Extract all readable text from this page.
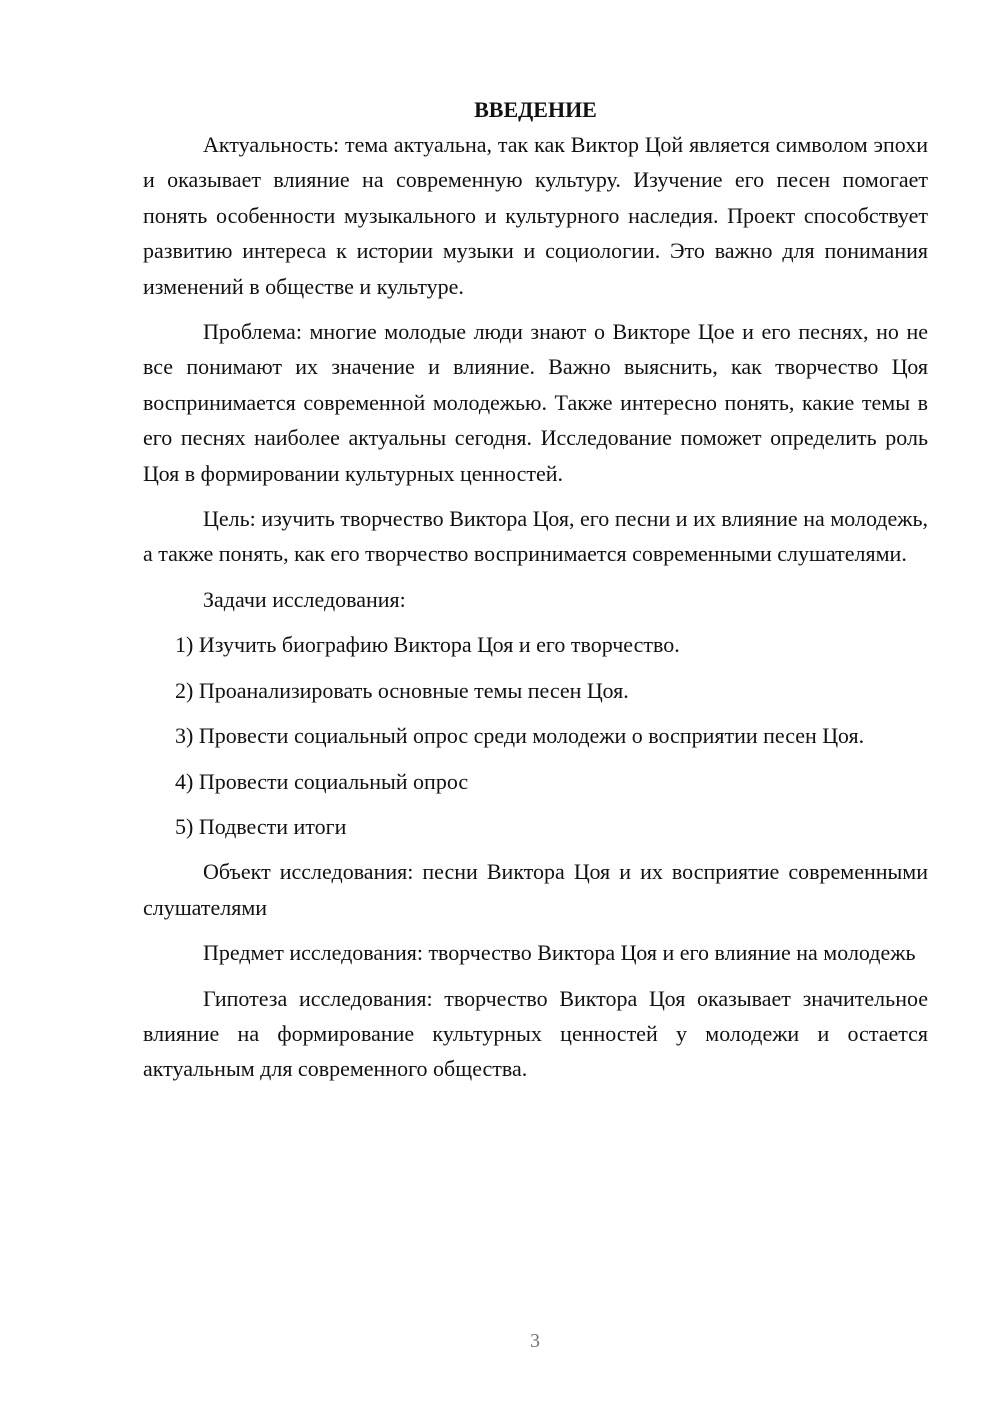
ВВЕДЕНИЕ

Актуальность: тема актуальна, так как Виктор Цой является символом эпохи и оказывает влияние на современную культуру. Изучение его песен помогает понять особенности музыкального и культурного наследия. Проект способствует развитию интереса к истории музыки и социологии. Это важно для понимания изменений в обществе и культуре.

Проблема: многие молодые люди знают о Викторе Цое и его песнях, но не все понимают их значение и влияние. Важно выяснить, как творчество Цоя воспринимается современной молодежью. Также интересно понять, какие темы в его песнях наиболее актуальны сегодня. Исследование поможет определить роль Цоя в формировании культурных ценностей.

Цель: изучить творчество Виктора Цоя, его песни и их влияние на молодежь, а также понять, как его творчество воспринимается современными слушателями.

Задачи исследования:

1) Изучить биографию Виктора Цоя и его творчество.

2) Проанализировать основные темы песен Цоя.

3) Провести социальный опрос среди молодежи о восприятии песен Цоя.

4) Провести социальный опрос

5) Подвести итоги

Объект исследования: песни Виктора Цоя и их восприятие современными слушателями

Предмет исследования: творчество Виктора Цоя и его влияние на молодежь

Гипотеза исследования: творчество Виктора Цоя оказывает значительное влияние на формирование культурных ценностей у молодежи и остается актуальным для современного общества.

3
